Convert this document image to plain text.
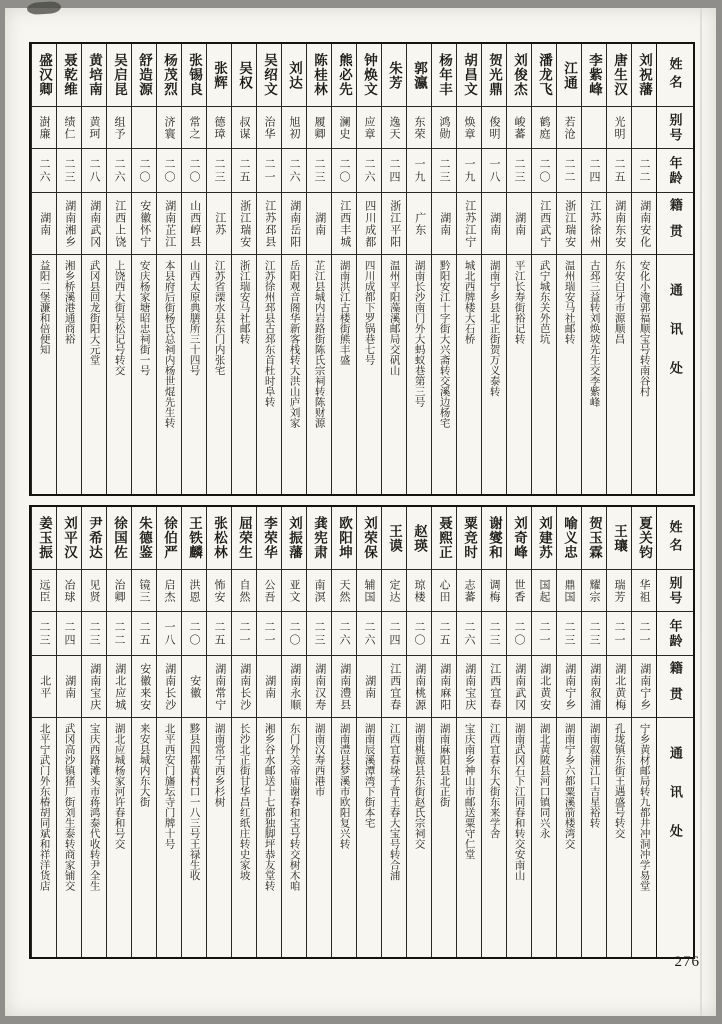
姓名
别号
年龄
籍贯
通讯处
刘祝藩
二二
湖南安化
安化小淹郭福顺宝号转南谷村
唐生汉
光明
二五
湖南东安
东安白牙市源顺昌
李紫峰
二四
江苏徐州
古邳三益转刘焕坡先生交李紫峰
江通
若沧
二二
浙江瑞安
温州瑞安马社邮转
潘龙飞
鹤庭
二〇
江西武宁
武宁城东关外芭坑
刘俊杰
峻蕃
二三
湖南
平江长寿街裕记转
贺光鼎
俊明
一八
湖南
湖南宁乡县北正街贺万义泰转
胡昌文
焕章
一九
江苏江宁
城北西牌楼大石桥
杨年丰
鸿勋
二三
湖南
黔阳安江十字街大兴斋转交溪边杨宅
郭瀛
东荣
一九
广东
湖南长沙南门外大蚂蚁巷第三号
朱芳
逸天
二四
浙江平阳
温州平阳藻溪邮局交矾山
钟焕文
应章
二六
四川成都
四川成都下罗锅巷七号
熊必先
澜史
二〇
江西丰城
湖南洪江古楼街熊丰盛
陈桂林
履卿
二三
湖南
芷江县城内岩路街陈氏宗祠转陈财源
刘达
旭初
二六
湖南岳阳
岳阳观音阁华新客栈转大洪山庐刘家
吴绍文
治华
二一
江苏邳县
江苏徐州邳县古邳东首杜时阜转
吴权
叔谋
二五
浙江瑞安
浙江瑞安马社邮转
张辉
德璋
二三
江苏
江苏省溧水县东门内张宅
张锡良
常之
二〇
山西崞县
山西太原典膳所三十四号
杨茂烈
济寰
二〇
湖南芷江
本县府后街杨氏总祠内杨世焜先生转
舒造源
二〇
安徽怀宁
安庆杨家塘昭忠祠街一号
吴启昆
组予
二六
江西上饶
上饶西大街吴松记号转交
黄培南
黄珂
二八
湖南武冈
武冈县回龙街阳大元堂
聂乾维
绩仁
二三
湖南湘乡
湘乡桥溪港通商裕
盛汉卿
澍廉
二六
湖南
益阳二堡濂和倍便知
姓名
别号
年龄
籍贯
通讯处
夏关钧
华祖
二一
湖南宁乡
宁乡黄材邮局转九都井冲洞冲学易堂
王瓖
瑞芳
二一
湖北黄梅
孔垅镇东街王遇盛号转交
贺玉霖
耀宗
二三
湖南叙浦
湖南叙浦江口吉星裕转
喻义忠
鼎国
二三
湖南宁乡
湖南宁乡六都粟溪箭楼湾交
刘建苏
国起
二一
湖北黄安
湖北黄陂县河口镇同兴永
刘奇峰
世香
二〇
湖南武冈
湖南武冈石下江同春和转交安南山
谢燮和
调梅
二三
江西宜春
江西宜春东大街东来学舍
粟竞时
志蕃
二六
湖南宝庆
宝庆南乡神山市邮送粟守仁堂
聂熙正
心田
二五
湖南麻阳
湖南麻阳县北正街
赵瑛
琼楼
二〇
湖南桃源
湖南桃源县东街赵氏宗祠交
王谟
定达
二四
江西宜春
江西宜春垛子背王春大宝号转合浦
刘荣保
辅国
二六
湖南
湖南辰溪潭湾下街本宅
欧阳坤
天然
二六
湖南澧县
湖南澧县梦溪市欧阳复兴转
龚宪肃
南溟
二三
湖南汉寿
湖南汉寿西港市
刘振藩
亚文
二〇
湖南永顺
东门外关帝庙谢春和宝号转交树木咱
李荣华
公吾
二一
湖南
湘乡谷水邮送十七都独脚坪恭友堂转
屈荣生
自然
二一
湖南长沙
长沙北正街甘华昌红纸庄转史家坡
张松林
怖安
二五
湖南常宁
湖南常宁西乡杉树
王铁麟
洪恩
二〇
安徽
黟县四都黄村口一八三号王禄生收
徐伯严
启杰
一八
湖南长沙
北平西安门旛坛寺门牌十号
朱德鉴
镜三
二五
安徽来安
来安县城内东大街
徐国佐
治卿
二二
湖北应城
湖北应城杨家河许春和号交
尹希达
见贤
二三
湖南宝庆
宝庆西路滩头市蒋鸿泰代收转尹全生
刘平汉
冶球
二四
湖南
武冈高沙镇猪厂街刘生泰转商家铺交
姜玉振
远臣
二三
北平
北平宁武门外东椿胡同斌和祥洋货店
276
